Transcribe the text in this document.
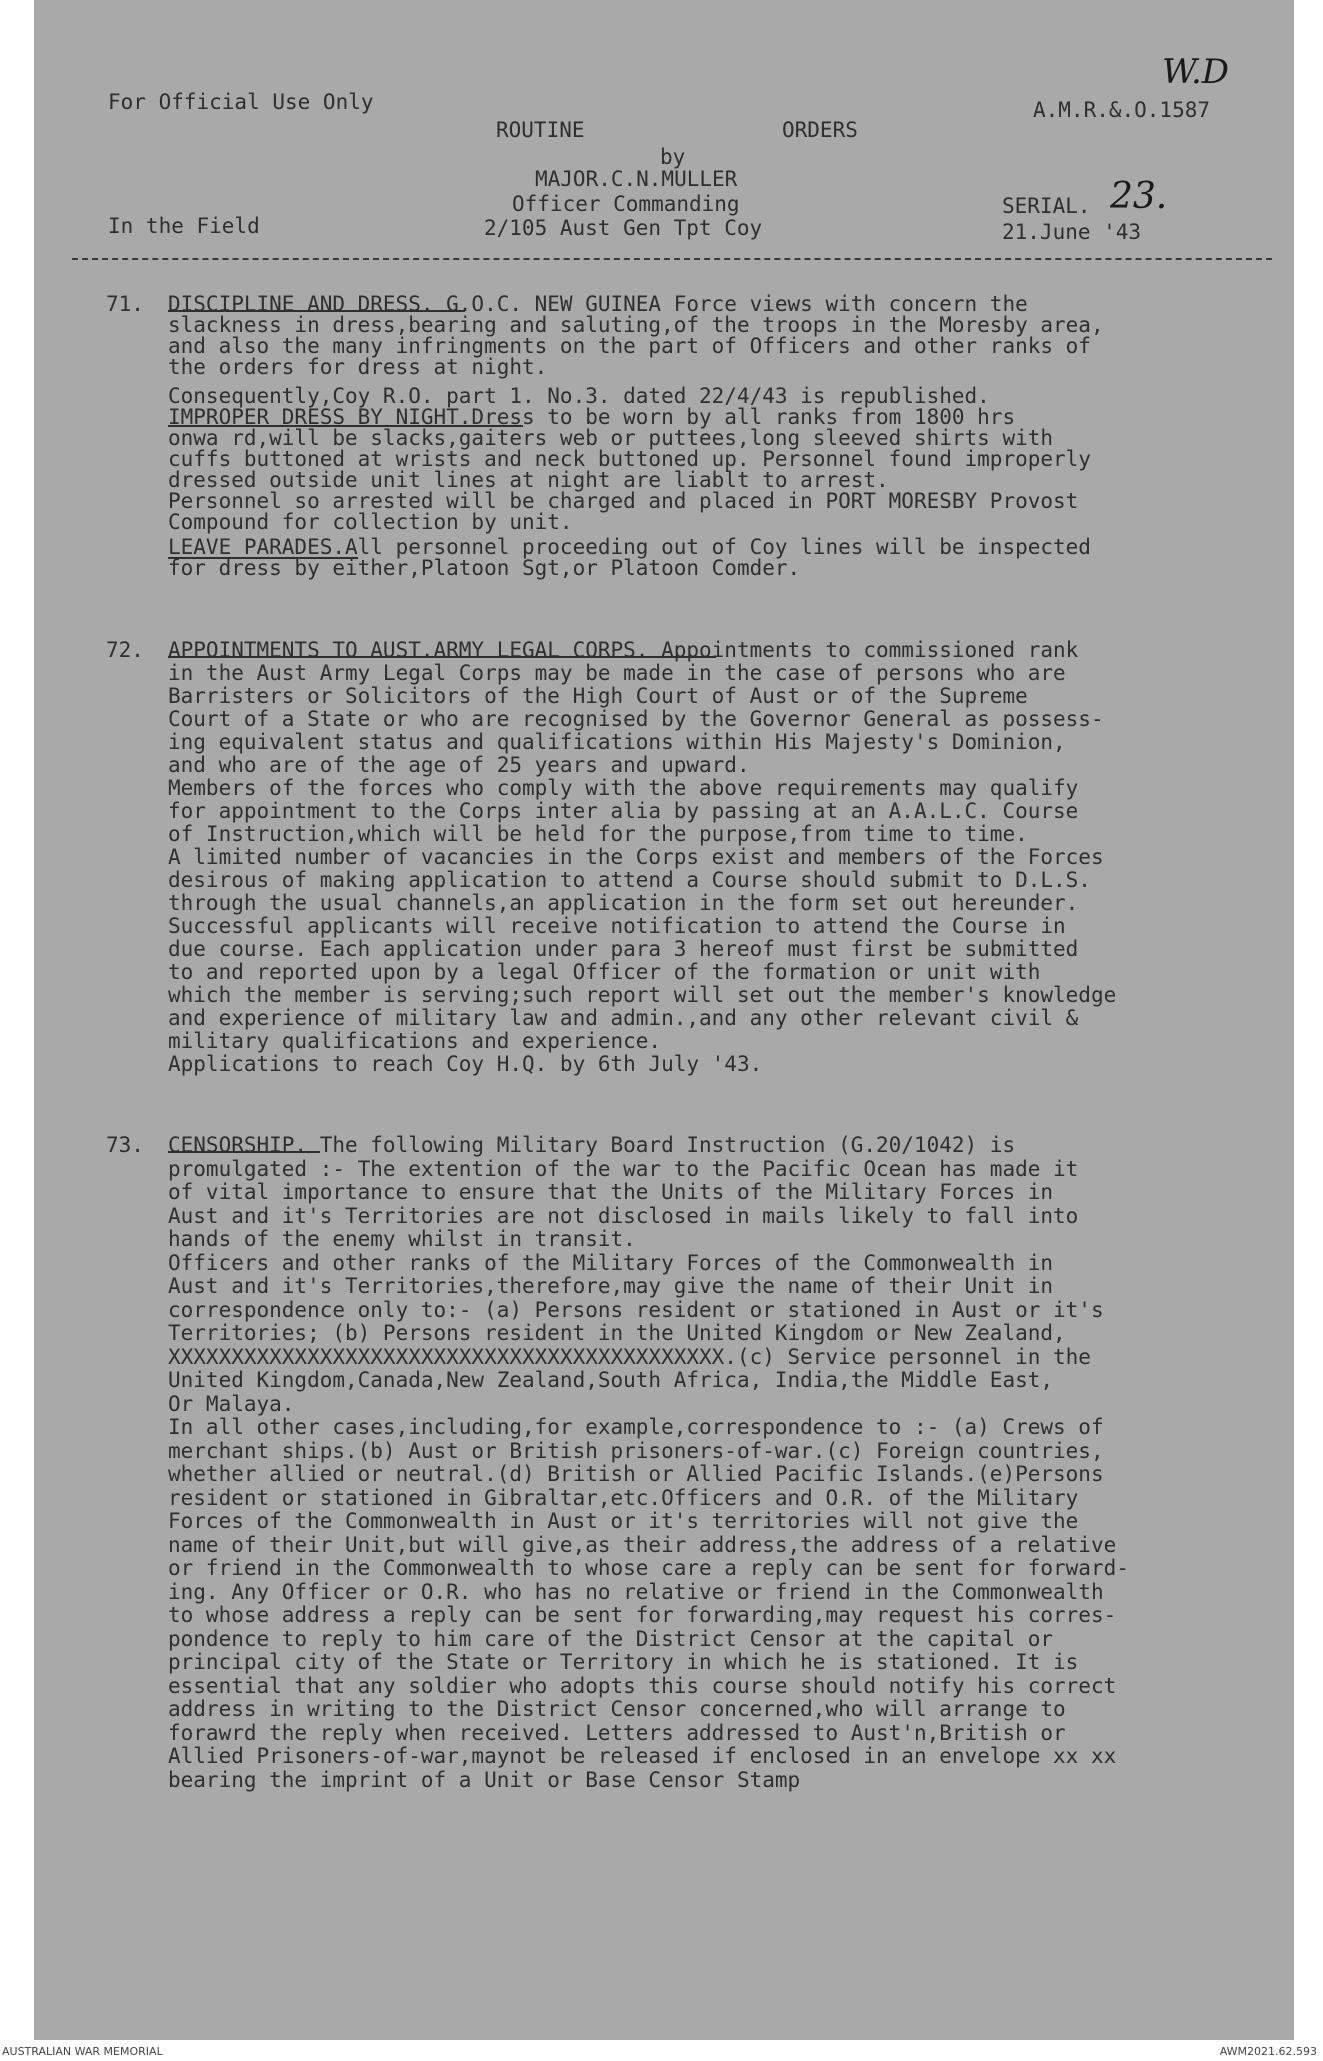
For Official Use Only	A.M.R.&.O.1587
W.D
ROUTINE	ORDERS
by
MAJOR.C.N.MULLER
Officer Commanding
2/105 Aust Gen Tpt Coy
In the Field
SERIAL. 23.
21.June '43
71. DISCIPLINE AND DRESS. G.O.C. NEW GUINEA Force views with concern the
slackness in dress,bearing and saluting,of the troops in the Moresby area,
and also the many infringments on the part of Officers and other ranks of
the orders for dress at night.
Consequently,Coy R.O. part 1. No.3. dated 22/4/43 is republished.
IMPROPER DRESS BY NIGHT.Dress to be worn by all ranks from 1800 hrs
onwa rd,will be slacks,gaiters web or puttees,long sleeved shirts with
cuffs buttoned at wrists and neck buttoned up. Personnel found improperly
dressed outside unit lines at night are liablt to arrest.
Personnel so arrested will be charged and placed in PORT MORESBY Provost
Compound for collection by unit.
LEAVE PARADES.All personnel proceeding out of Coy lines will be inspected
for dress by either,Platoon Sgt,or Platoon Comder.
72. APPOINTMENTS TO AUST.ARMY LEGAL CORPS. Appointments to commissioned rank
in the Aust Army Legal Corps may be made in the case of persons who are
Barristers or Solicitors of the High Court of Aust or of the Supreme
Court of a State or who are recognised by the Governor General as possess-
ing equivalent status and qualifications within His Majesty's Dominion,
and who are of the age of 25 years and upward.
Members of the forces who comply with the above requirements may qualify
for appointment to the Corps inter alia by passing at an A.A.L.C. Course
of Instruction,which will be held for the purpose,from time to time.
A limited number of vacancies in the Corps exist and members of the Forces
desirous of making application to attend a Course should submit to D.L.S.
through the usual channels,an application in the form set out hereunder.
Successful applicants will receive notification to attend the Course in
due course. Each application under para 3 hereof must first be submitted
to and reported upon by a legal Officer of the formation or unit with
which the member is serving;such report will set out the member's knowledge
and experience of military law and admin.,and any other relevant civil &
military qualifications and experience.
Applications to reach Coy H.Q. by 6th July '43.
73. CENSORSHIP. The following Military Board Instruction (G.20/1042) is
promulgated :- The extention of the war to the Pacific Ocean has made it
of vital importance to ensure that the Units of the Military Forces in
Aust and it's Territories are not disclosed in mails likely to fall into
hands of the enemy whilst in transit.
Officers and other ranks of the Military Forces of the Commonwealth in
Aust and it's Territories,therefore,may give the name of their Unit in
correspondence only to:- (a) Persons resident or stationed in Aust or it's
Territories; (b) Persons resident in the United Kingdom or New Zealand,
XXXXXXXXXXXXXXXXXXXXXXXXXXXXXXXXXXXXXXXXXXXX.(c) Service personnel in the
United Kingdom,Canada,New Zealand,South Africa, India,the Middle East,
Or Malaya.
In all other cases,including,for example,correspondence to :- (a) Crews of
merchant ships.(b) Aust or British prisoners-of-war.(c) Foreign countries,
whether allied or neutral.(d) British or Allied Pacific Islands.(e)Persons
resident or stationed in Gibraltar,etc.Officers and O.R. of the Military
Forces of the Commonwealth in Aust or it's territories will not give the
name of their Unit,but will give,as their address,the address of a relative
or friend in the Commonwealth to whose care a reply can be sent for forward-
ing. Any Officer or O.R. who has no relative or friend in the Commonwealth
to whose address a reply can be sent for forwarding,may request his corres-
pondence to reply to him care of the District Censor at the capital or
principal city of the State or Territory in which he is stationed. It is
essential that any soldier who adopts this course should notify his correct
address in writing to the District Censor concerned,who will arrange to
forawrd the reply when received. Letters addressed to Aust'n,British or
Allied Prisoners-of-war,maynot be released if enclosed in an envelope xx xx
bearing the imprint of a Unit or Base Censor Stamp
AUSTRALIAN WAR MEMORIAL	AWM2021.62.593
